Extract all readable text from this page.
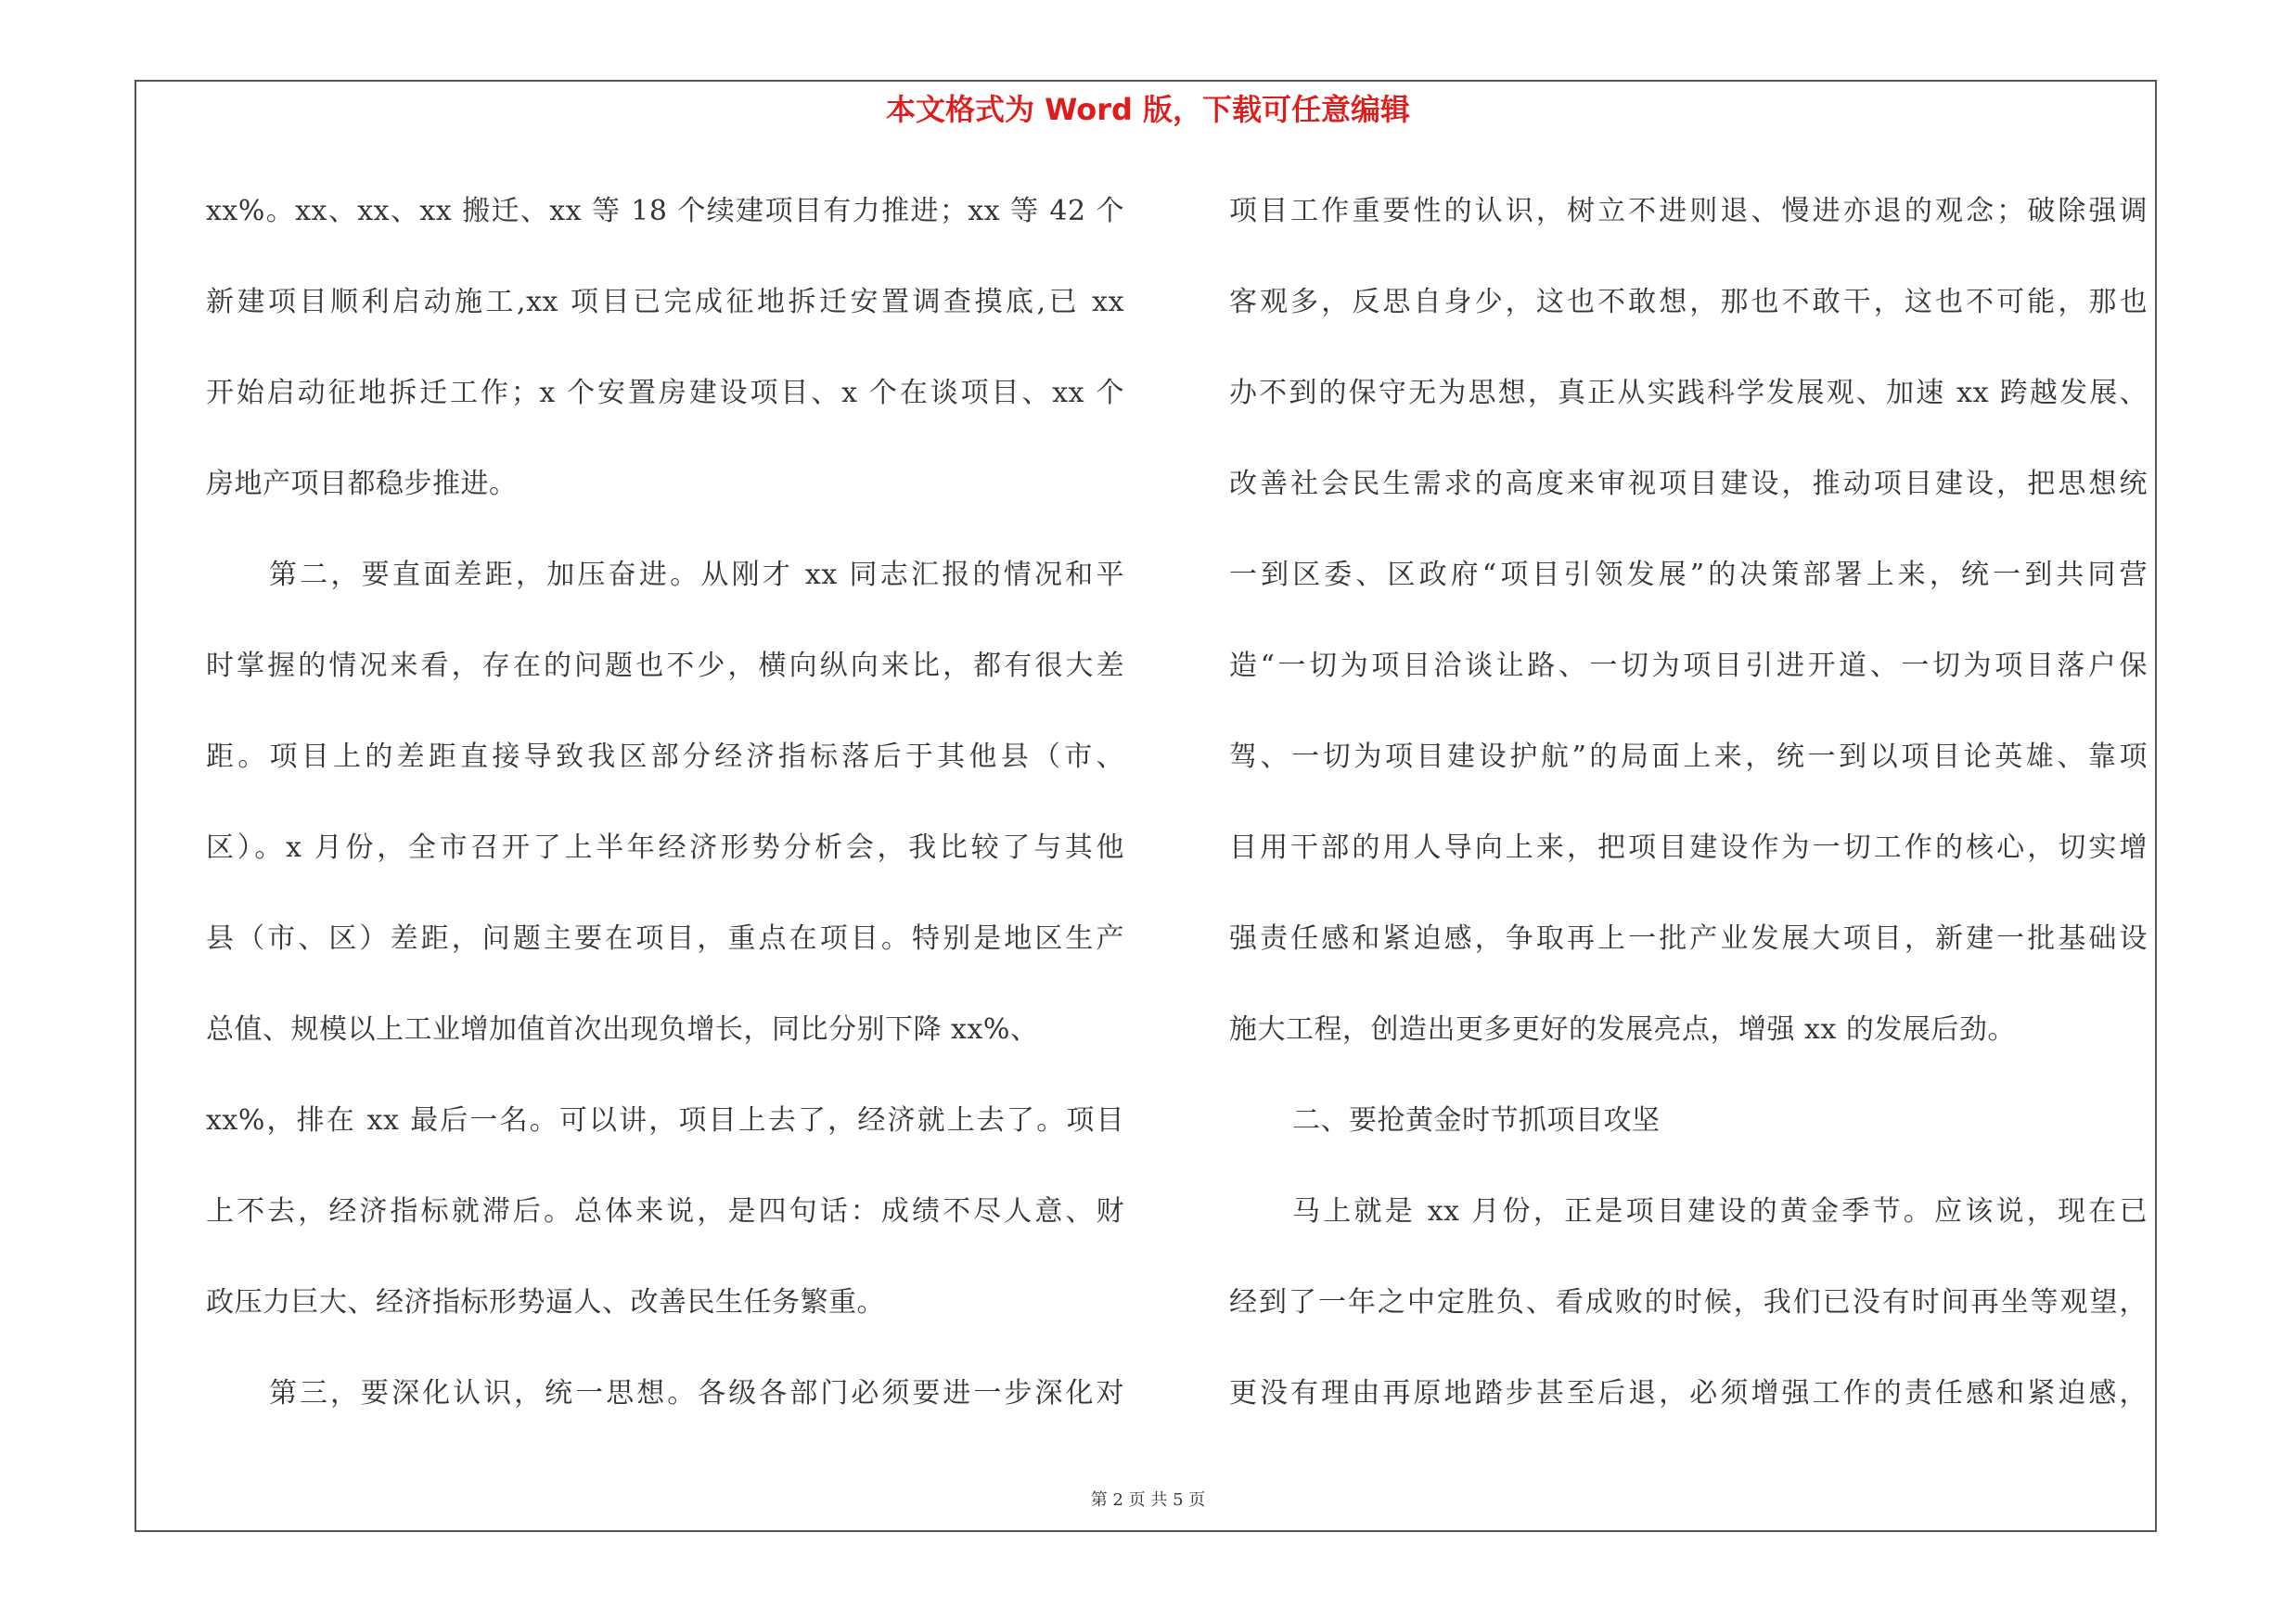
本文格式为 Word 版，下载可任意编辑
xx%。xx、xx、xx 搬迁、xx 等 18 个续建项目有力推进；xx 等 42 个
新建项目顺利启动施工,xx 项目已完成征地拆迁安置调查摸底,已 xx
开始启动征地拆迁工作；x 个安置房建设项目、x 个在谈项目、xx 个
房地产项目都稳步推进。
第二，要直面差距，加压奋进。从刚才 xx 同志汇报的情况和平
时掌握的情况来看，存在的问题也不少，横向纵向来比，都有很大差
距。项目上的差距直接导致我区部分经济指标落后于其他县（市、
区）。x 月份，全市召开了上半年经济形势分析会，我比较了与其他
县（市、区）差距，问题主要在项目，重点在项目。特别是地区生产
总值、规模以上工业增加值首次出现负增长，同比分别下降 xx%、
xx%，排在 xx 最后一名。可以讲，项目上去了，经济就上去了。项目
上不去，经济指标就滞后。总体来说，是四句话：成绩不尽人意、财
政压力巨大、经济指标形势逼人、改善民生任务繁重。
第三，要深化认识，统一思想。各级各部门必须要进一步深化对
项目工作重要性的认识，树立不进则退、慢进亦退的观念；破除强调
客观多，反思自身少，这也不敢想，那也不敢干，这也不可能，那也
办不到的保守无为思想，真正从实践科学发展观、加速 xx 跨越发展、
改善社会民生需求的高度来审视项目建设，推动项目建设，把思想统
一到区委、区政府“项目引领发展”的决策部署上来，统一到共同营
造“一切为项目洽谈让路、一切为项目引进开道、一切为项目落户保
驾、一切为项目建设护航”的局面上来，统一到以项目论英雄、靠项
目用干部的用人导向上来，把项目建设作为一切工作的核心，切实增
强责任感和紧迫感，争取再上一批产业发展大项目，新建一批基础设
施大工程，创造出更多更好的发展亮点，增强 xx 的发展后劲。
二、要抢黄金时节抓项目攻坚
马上就是 xx 月份，正是项目建设的黄金季节。应该说，现在已
经到了一年之中定胜负、看成败的时候，我们已没有时间再坐等观望，
更没有理由再原地踏步甚至后退，必须增强工作的责任感和紧迫感，
第 2 页 共 5 页
